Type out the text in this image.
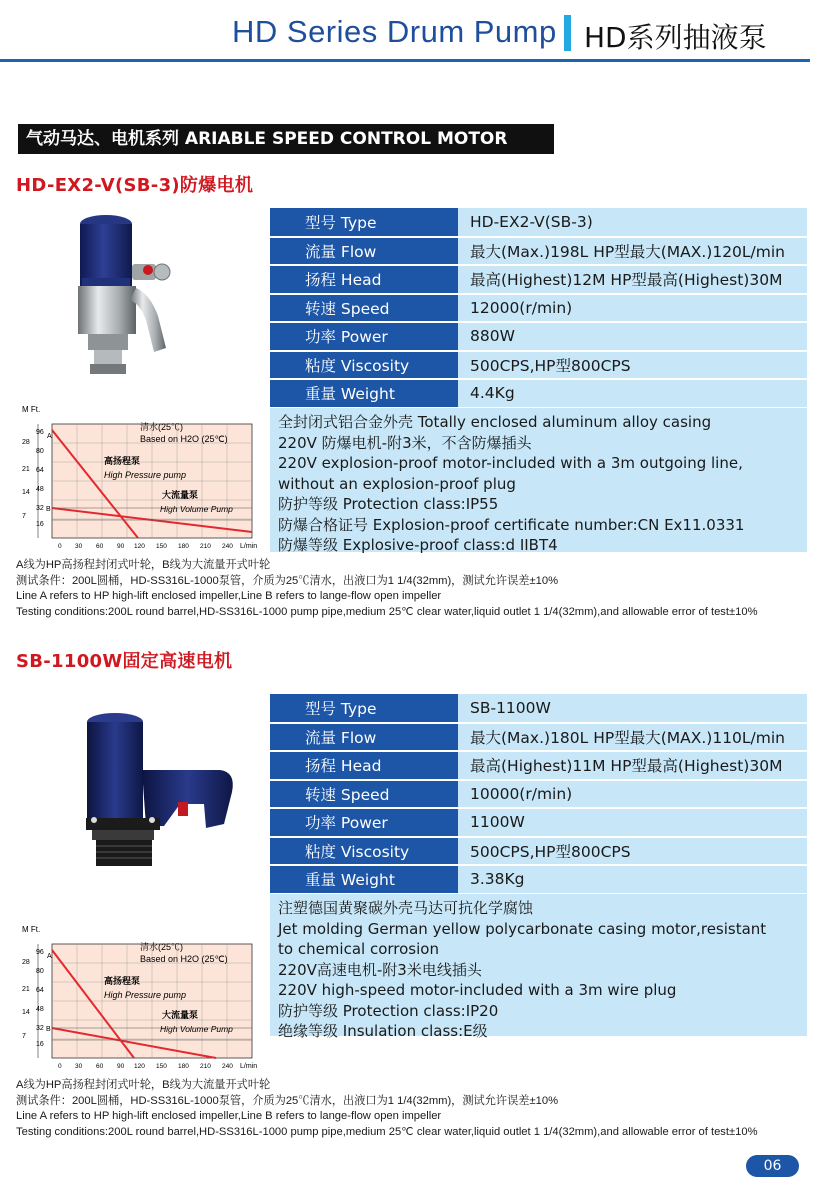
HD Series Drum Pump HD系列抽液泵
气动马达、电机系列 ARIABLE SPEED CONTROL MOTOR
HD-EX2-V(SB-3)防爆电机
型号 Type	HD-EX2-V(SB-3)
流量 Flow	最大(Max.)198L HP型最大(MAX.)120L/min
扬程 Head	最高(Highest)12M HP型最高(Highest)30M
转速 Speed	12000(r/min)
功率 Power	880W
粘度 Viscosity	500CPS,HP型800CPS
重量 Weight	4.4Kg
全封闭式铝合金外壳 Totally enclosed aluminum alloy casing
220V 防爆电机-附3米，不含防爆插头
220V explosion-proof motor-included with a 3m outgoing line,
without an explosion-proof plug
防护等级 Protection class:IP55
防爆合格证号 Explosion-proof certificate number:CN Ex11.0331
防爆等级 Explosive-proof class:d IIBT4
M Ft.
28
21
14
7
96
80
64
48
32
16
A
B
0 30 60 90 120 150 180 210 240 L/min
清水(25℃)
Based on H2O (25℃)
高扬程泵
High Pressure pump
大流量泵
High Volume Pump
A线为HP高扬程封闭式叶轮，B线为大流量开式叶轮
测试条件：200L圆桶，HD-SS316L-1000泵管，介质为25℃清水，出液口为1 1/4(32mm)，测试允许误差±10%
Line A refers to HP high-lift enclosed impeller,Line B refers to lange-flow open impeller
Testing conditions:200L round barrel,HD-SS316L-1000 pump pipe,medium 25℃ clear water,liquid outlet 1 1/4(32mm),and allowable error of test±10%
SB-1100W固定高速电机
型号 Type	SB-1100W
流量 Flow	最大(Max.)180L HP型最大(MAX.)110L/min
扬程 Head	最高(Highest)11M HP型最高(Highest)30M
转速 Speed	10000(r/min)
功率 Power	1100W
粘度 Viscosity	500CPS,HP型800CPS
重量 Weight	3.38Kg
注塑德国黄聚碳外壳马达可抗化学腐蚀
Jet molding German yellow polycarbonate casing motor,resistant
to chemical corrosion
220V高速电机-附3米电线插头
220V high-speed motor-included with a 3m wire plug
防护等级 Protection class:IP20
绝缘等级 Insulation class:E级
M Ft.
28
21
14
7
96
80
64
48
32
16
A
B
0 30 60 90 120 150 180 210 240 L/min
清水(25℃)
Based on H2O (25℃)
高扬程泵
High Pressure pump
大流量泵
High Volume Pump
A线为HP高扬程封闭式叶轮，B线为大流量开式叶轮
测试条件：200L圆桶，HD-SS316L-1000泵管，介质为25℃清水，出液口为1 1/4(32mm)，测试允许误差±10%
Line A refers to HP high-lift enclosed impeller,Line B refers to lange-flow open impeller
Testing conditions:200L round barrel,HD-SS316L-1000 pump pipe,medium 25℃ clear water,liquid outlet 1 1/4(32mm),and allowable error of test±10%
06
